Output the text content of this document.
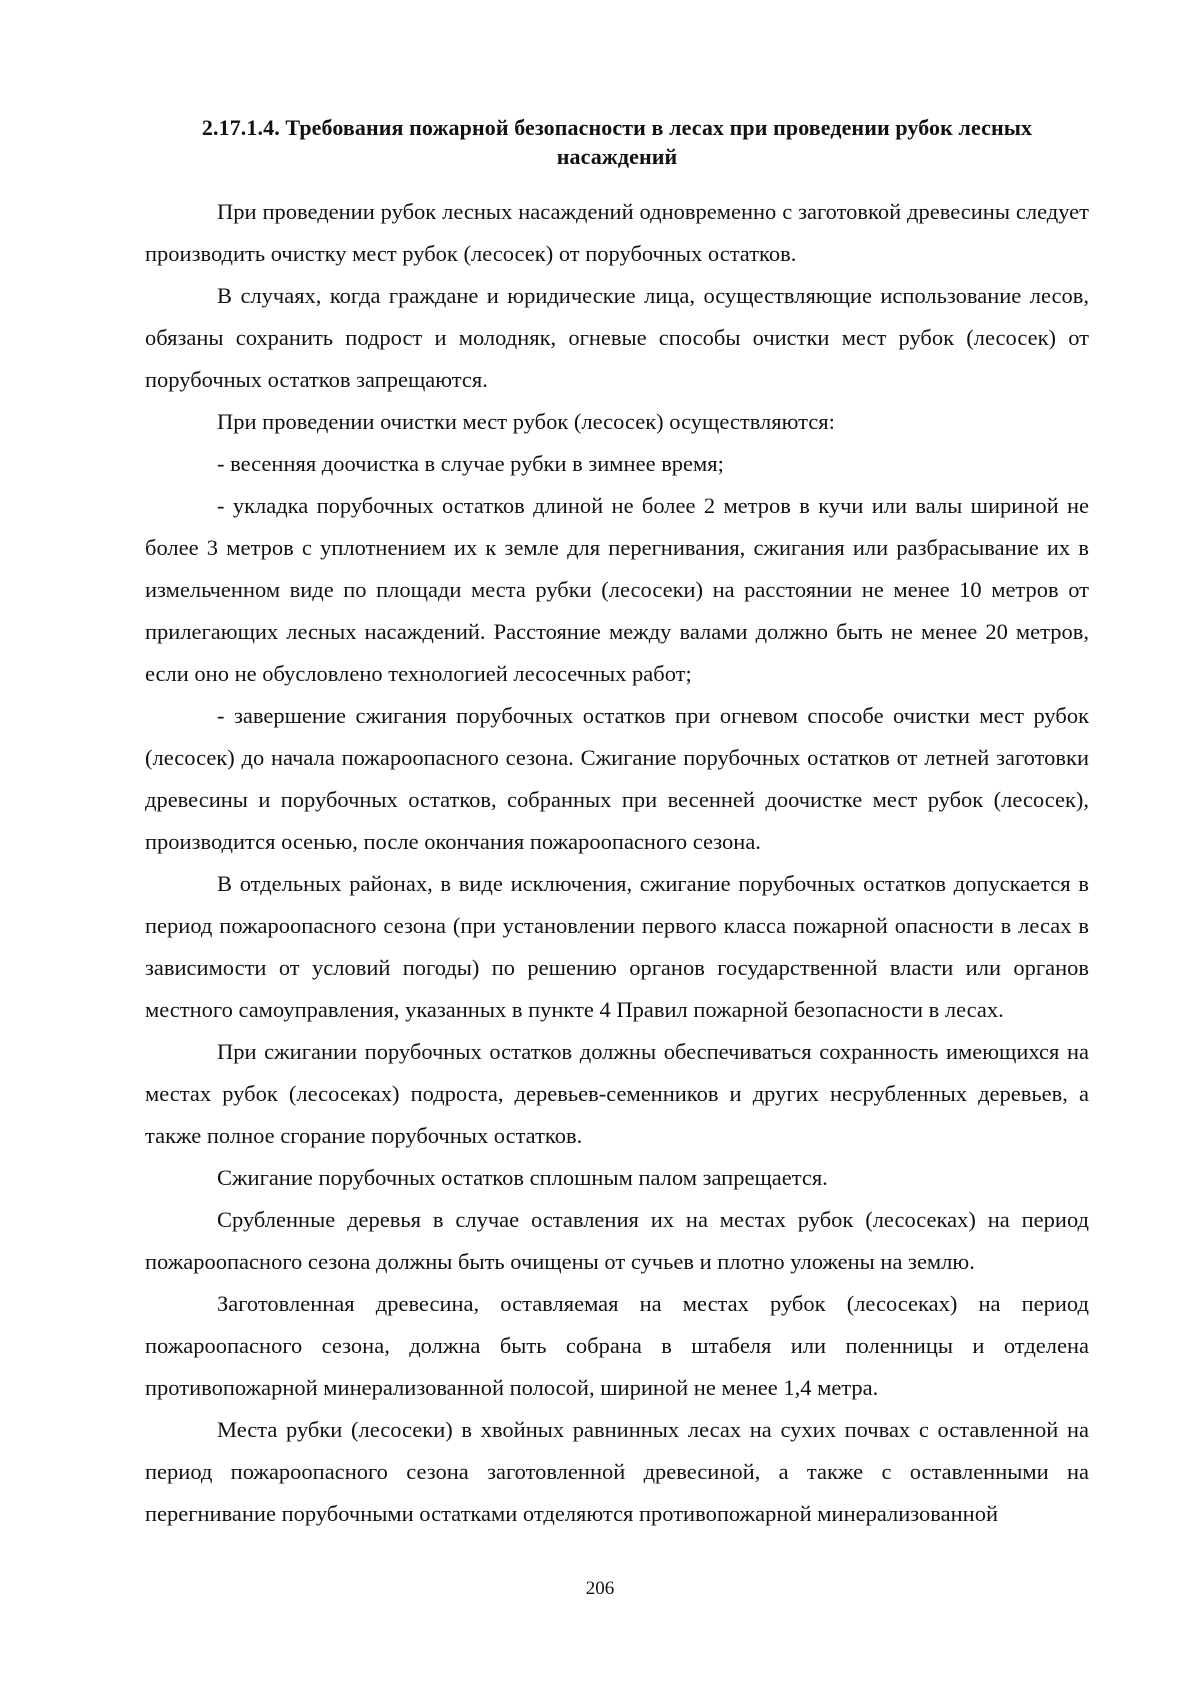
2.17.1.4. Требования пожарной безопасности в лесах при проведении рубок лесных насаждений

При проведении рубок лесных насаждений одновременно с заготовкой древесины следует производить очистку мест рубок (лесосек) от порубочных остатков.

В случаях, когда граждане и юридические лица, осуществляющие использование лесов, обязаны сохранить подрост и молодняк, огневые способы очистки мест рубок (лесосек) от порубочных остатков запрещаются.

При проведении очистки мест рубок (лесосек) осуществляются:

- весенняя доочистка в случае рубки в зимнее время;

- укладка порубочных остатков длиной не более 2 метров в кучи или валы шириной не более 3 метров с уплотнением их к земле для перегнивания, сжигания или разбрасывание их в измельченном виде по площади места рубки (лесосеки) на расстоянии не менее 10 метров от прилегающих лесных насаждений. Расстояние между валами должно быть не менее 20 метров, если оно не обусловлено технологией лесосечных работ;

- завершение сжигания порубочных остатков при огневом способе очистки мест рубок (лесосек) до начала пожароопасного сезона. Сжигание порубочных остатков от летней заготовки древесины и порубочных остатков, собранных при весенней доочистке мест рубок (лесосек), производится осенью, после окончания пожароопасного сезона.

В отдельных районах, в виде исключения, сжигание порубочных остатков допускается в период пожароопасного сезона (при установлении первого класса пожарной опасности в лесах в зависимости от условий погоды) по решению органов государственной власти или органов местного самоуправления, указанных в пункте 4 Правил пожарной безопасности в лесах.

При сжигании порубочных остатков должны обеспечиваться сохранность имеющихся на местах рубок (лесосеках) подроста, деревьев-семенников и других несрубленных деревьев, а также полное сгорание порубочных остатков.

Сжигание порубочных остатков сплошным палом запрещается.

Срубленные деревья в случае оставления их на местах рубок (лесосеках) на период пожароопасного сезона должны быть очищены от сучьев и плотно уложены на землю.

Заготовленная древесина, оставляемая на местах рубок (лесосеках) на период пожароопасного сезона, должна быть собрана в штабеля или поленницы и отделена противопожарной минерализованной полосой, шириной не менее 1,4 метра.

Места рубки (лесосеки) в хвойных равнинных лесах на сухих почвах с оставленной на период пожароопасного сезона заготовленной древесиной, а также с оставленными на перегнивание порубочными остатками отделяются противопожарной минерализованной

206
